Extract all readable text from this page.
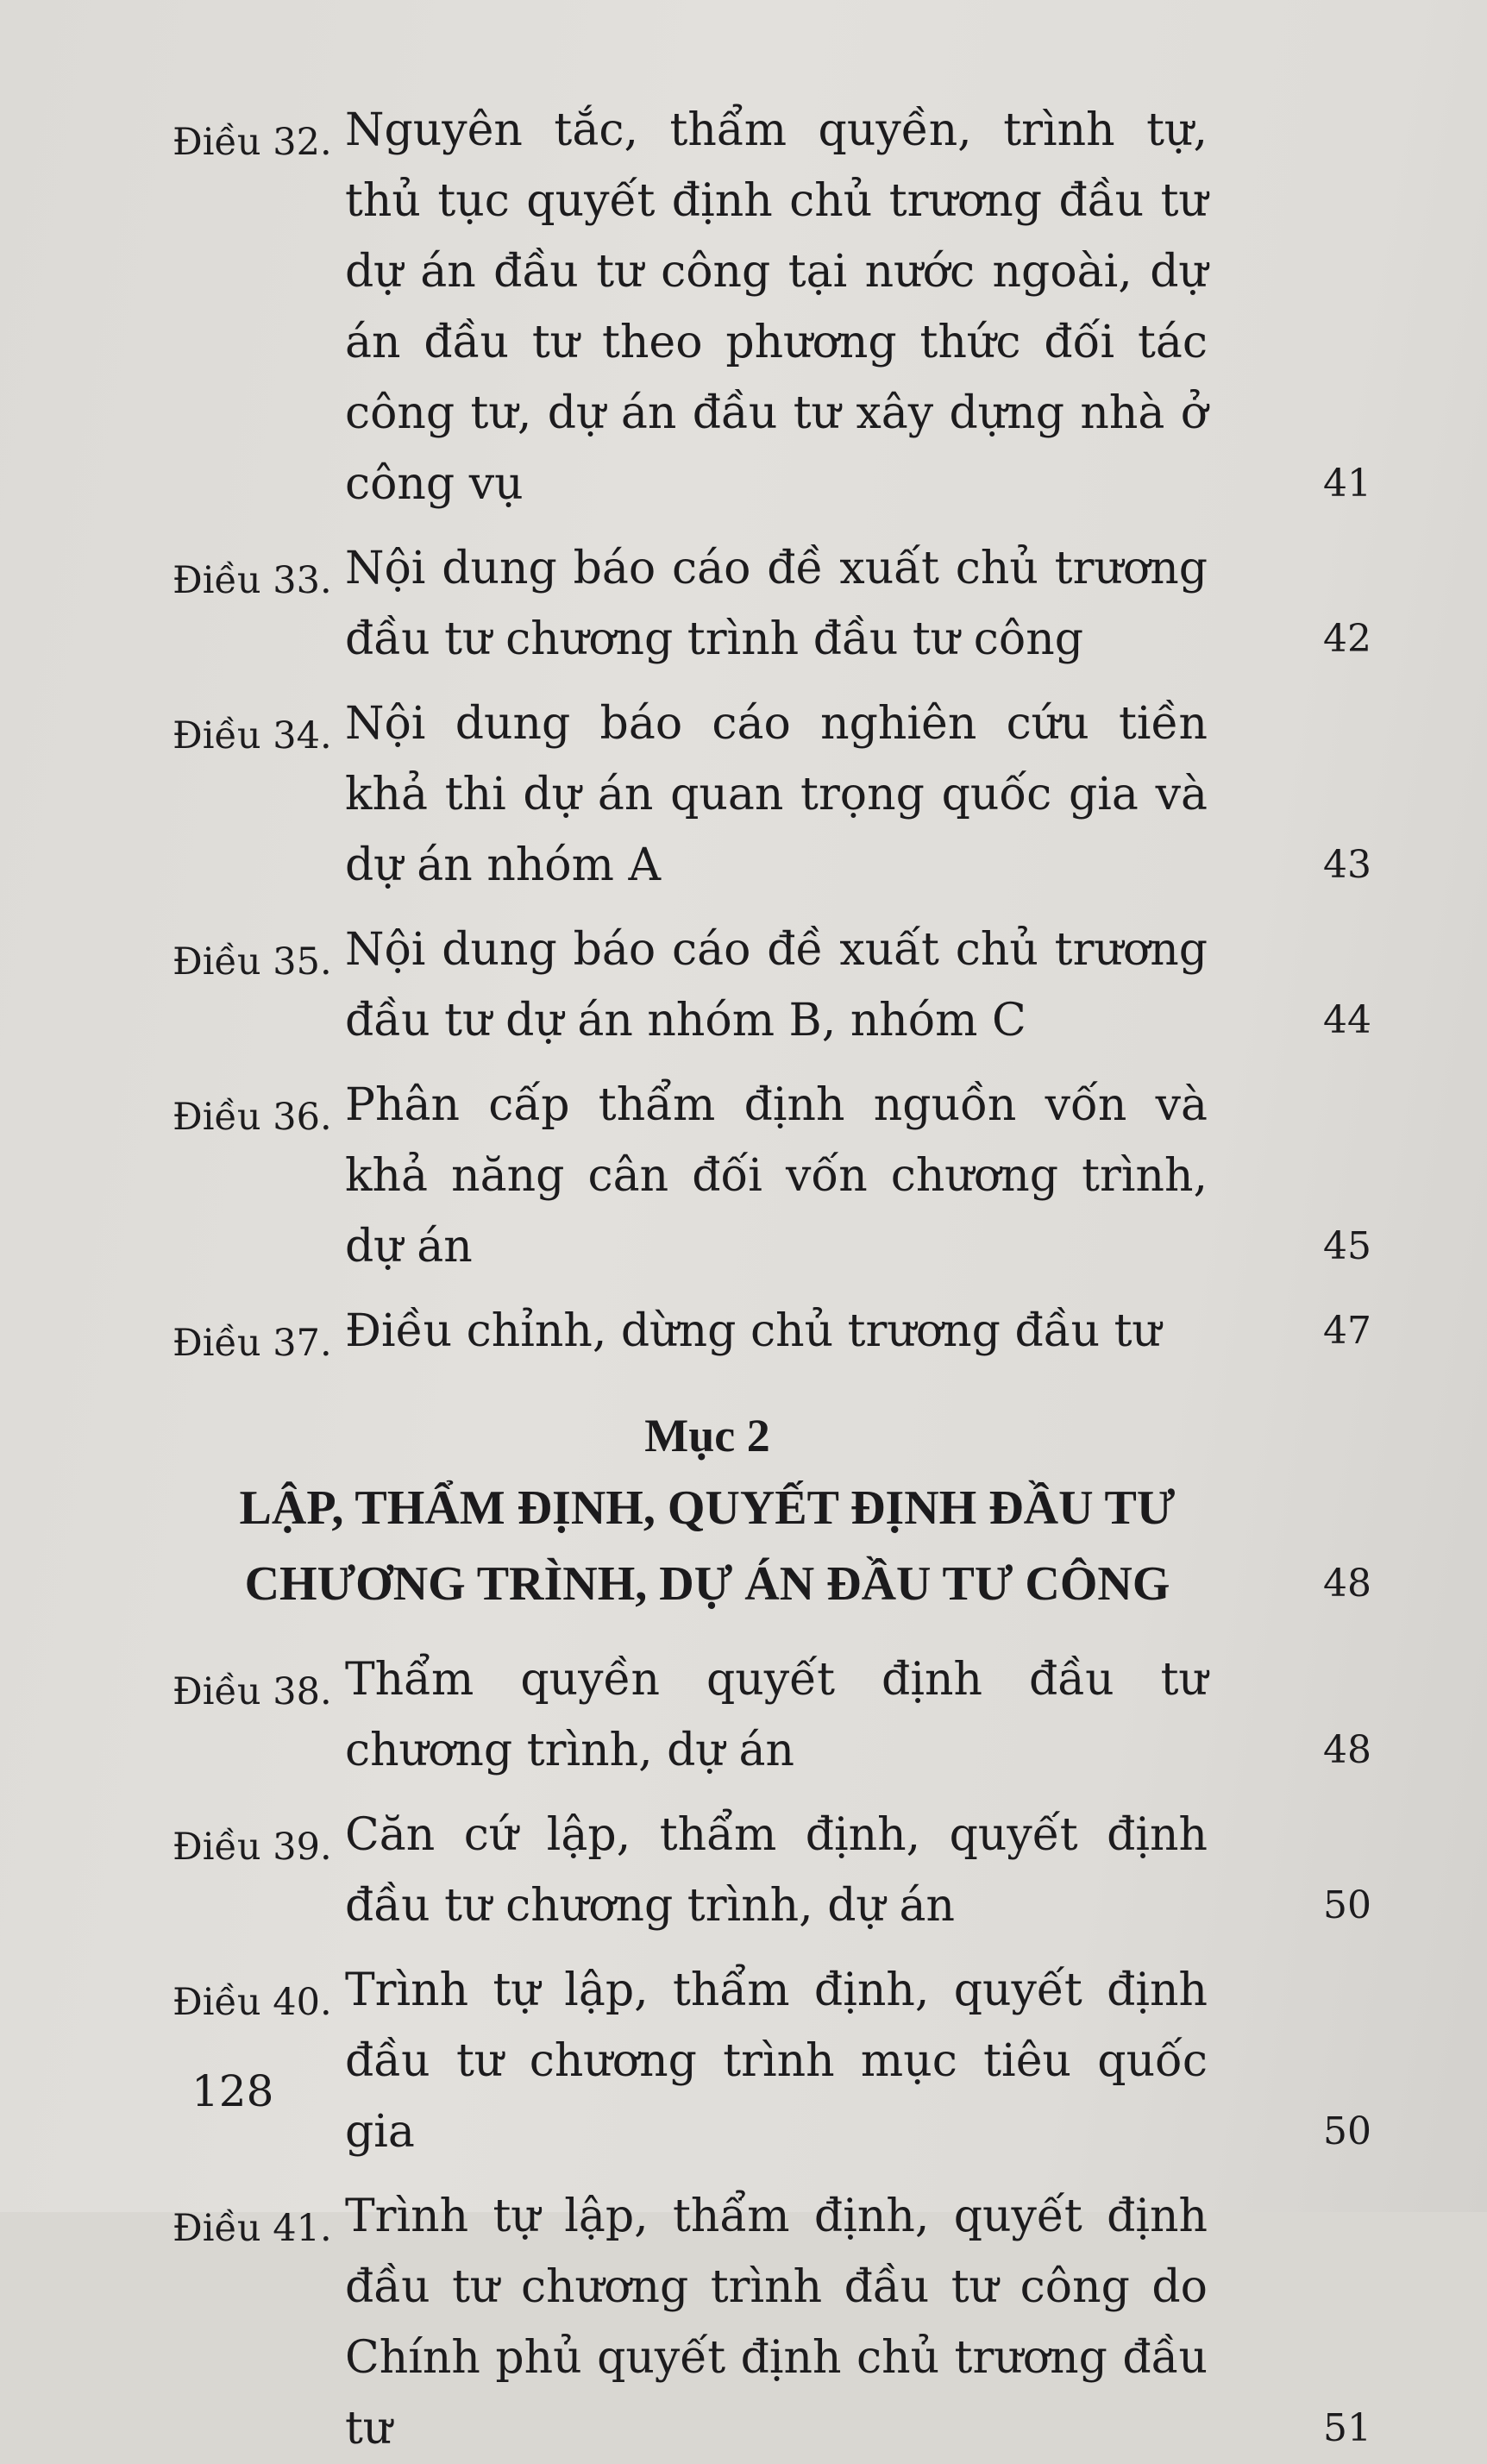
Điều 32. Nguyên tắc, thẩm quyền, trình tự, thủ tục quyết định chủ trương đầu tư dự án đầu tư công tại nước ngoài, dự án đầu tư theo phương thức đối tác công tư, dự án đầu tư xây dựng nhà ở công vụ	41
Điều 33. Nội dung báo cáo đề xuất chủ trương đầu tư chương trình đầu tư công	42
Điều 34. Nội dung báo cáo nghiên cứu tiền khả thi dự án quan trọng quốc gia và dự án nhóm A	43
Điều 35. Nội dung báo cáo đề xuất chủ trương đầu tư dự án nhóm B, nhóm C	44
Điều 36. Phân cấp thẩm định nguồn vốn và khả năng cân đối vốn chương trình, dự án	45
Điều 37. Điều chỉnh, dừng chủ trương đầu tư	47
Mục 2
LẬP, THẨM ĐỊNH, QUYẾT ĐỊNH ĐẦU TƯ
CHƯƠNG TRÌNH, DỰ ÁN ĐẦU TƯ CÔNG	48
Điều 38. Thẩm quyền quyết định đầu tư chương trình, dự án	48
Điều 39. Căn cứ lập, thẩm định, quyết định đầu tư chương trình, dự án	50
Điều 40. Trình tự lập, thẩm định, quyết định đầu tư chương trình mục tiêu quốc gia	50
Điều 41. Trình tự lập, thẩm định, quyết định đầu tư chương trình đầu tư công do Chính phủ quyết định chủ trương đầu tư	51
128
